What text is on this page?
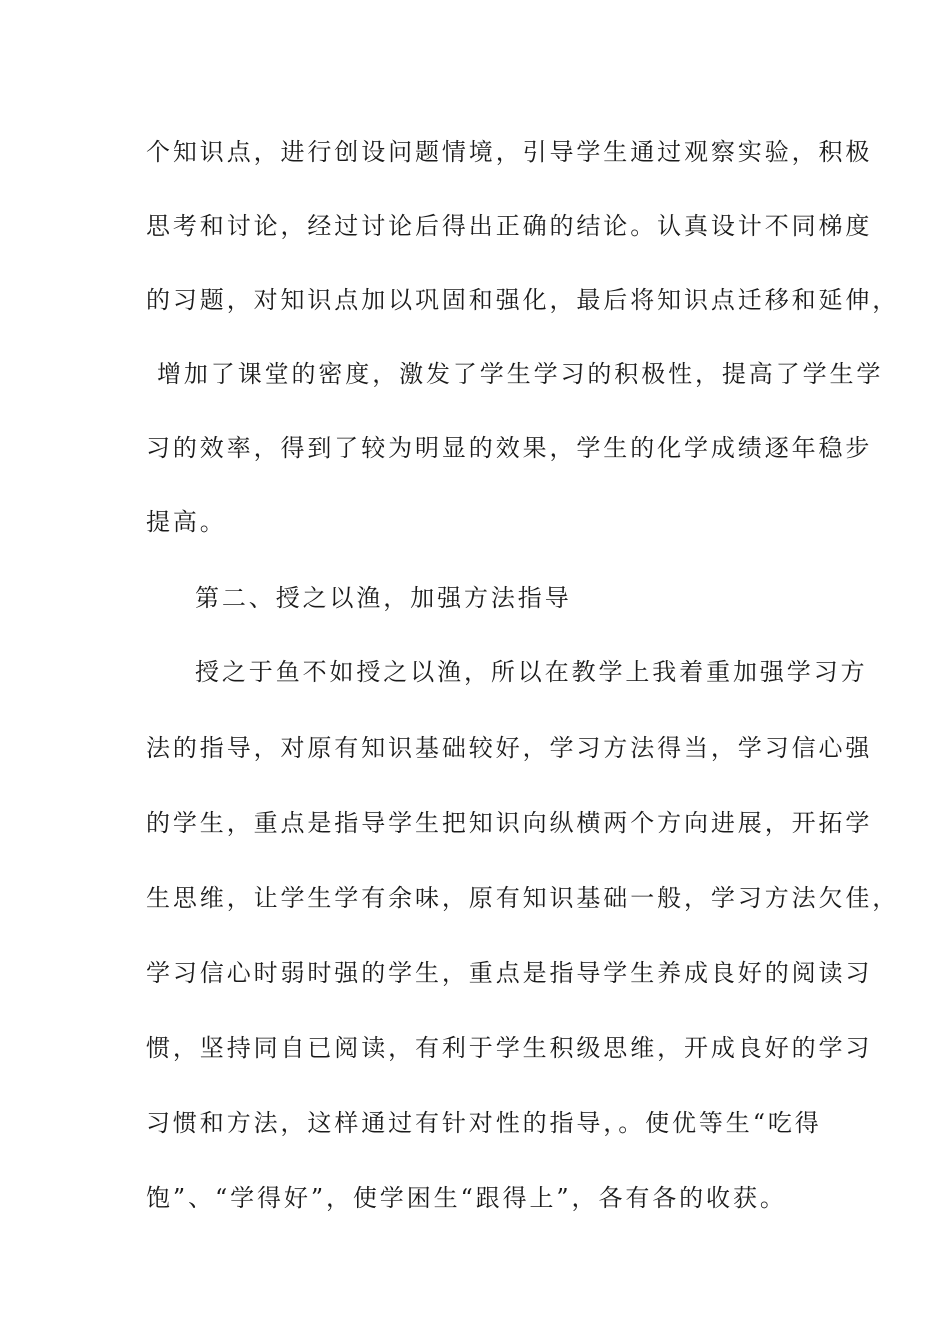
个知识点，进行创设问题情境，引导学生通过观察实验，积极
思考和讨论，经过讨论后得出正确的结论。认真设计不同梯度
的习题，对知识点加以巩固和强化，最后将知识点迁移和延伸，
增加了课堂的密度，激发了学生学习的积极性，提高了学生学
习的效率，得到了较为明显的效果，学生的化学成绩逐年稳步
提高。
第二、授之以渔，加强方法指导
授之于鱼不如授之以渔，所以在教学上我着重加强学习方
法的指导，对原有知识基础较好，学习方法得当，学习信心强
的学生，重点是指导学生把知识向纵横两个方向进展，开拓学
生思维，让学生学有余味，原有知识基础一般，学习方法欠佳，
学习信心时弱时强的学生，重点是指导学生养成良好的阅读习
惯，坚持同自已阅读，有利于学生积级思维，开成良好的学习
习惯和方法，这样通过有针对性的指导，。使优等生“吃得
饱”、“学得好”，使学困生“跟得上”，各有各的收获。
